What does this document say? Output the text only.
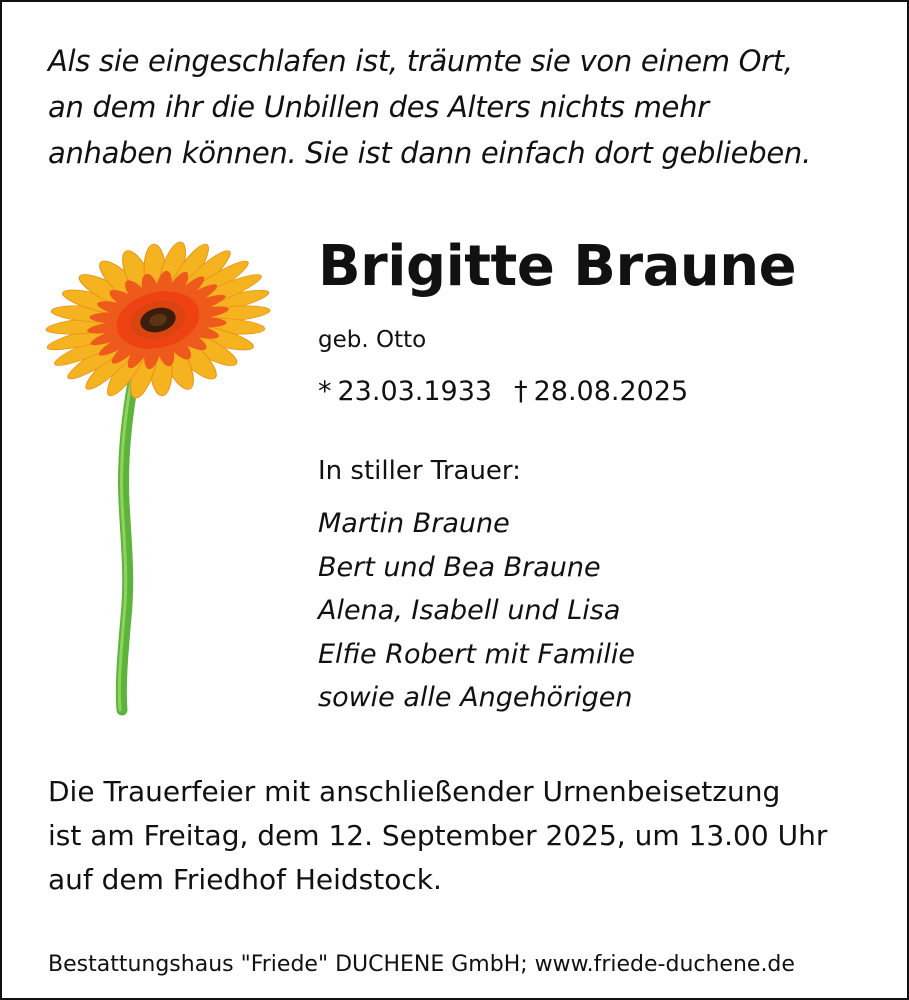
Als sie eingeschlafen ist, träumte sie von einem Ort,
an dem ihr die Unbillen des Alters nichts mehr
anhaben können. Sie ist dann einfach dort geblieben.
Brigitte Braune
geb. Otto
* 23.03.1933 † 28.08.2025
In stiller Trauer:
Martin Braune
Bert und Bea Braune
Alena, Isabell und Lisa
Elfie Robert mit Familie
sowie alle Angehörigen
Die Trauerfeier mit anschließender Urnenbeisetzung
ist am Freitag, dem 12. September 2025, um 13.00 Uhr
auf dem Friedhof Heidstock.
Bestattungshaus "Friede" DUCHENE GmbH; www.friede-duchene.de
